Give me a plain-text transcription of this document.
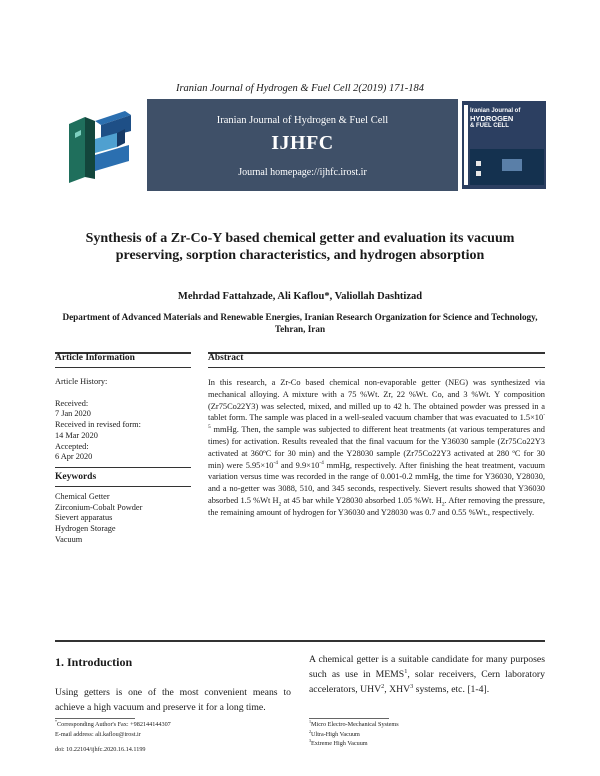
Iranian Journal of Hydrogen & Fuel Cell 2(2019) 171-184
Iranian Journal of Hydrogen & Fuel Cell
IJHFC
Journal homepage://ijhfc.irost.ir
Iranian Journal of
HYDROGEN
& FUEL CELL
Synthesis of a Zr-Co-Y based chemical getter and evaluation its vacuum preserving, sorption characteristics, and hydrogen absorption
Mehrdad Fattahzade, Ali Kaflou*, Valiollah Dashtizad
Department of Advanced Materials and Renewable Energies, Iranian Research Organization for Science and Technology, Tehran, Iran
Article Information
Article History:
Received:
7 Jan 2020
Received in revised form:
14 Mar 2020
Accepted:
6 Apr 2020
Keywords
Chemical Getter
Zirconium-Cobalt Powder
Sievert apparatus
Hydrogen Storage
Vacuum
Abstract
In this research, a Zr-Co based chemical non-evaporable getter (NEG) was synthesized via mechanical alloying. A mixture with a 75 %Wt. Zr, 22 %Wt. Co, and 3 %Wt. Y composition (Zr75Co22Y3) was selected, mixed, and milled up to 42 h. The obtained powder was pressed in a tablet form. The sample was placed in a well-sealed vacuum chamber that was evacuated to $1.5\times 10^{-5}$ mmHg. Then, the sample was subjected to different heat treatments (at various temperatures and times) for activation. Results revealed that the final vacuum for the Y36030 sample (Zr75Co22Y3 activated at 360ºC for 30 min) and the Y28030 sample (Zr75Co22Y3 activated at 280 ºC for 30 min) were $5.95\times 10^{-4}$ and $9.9\times 10^{-4}$ mmHg, respectively. After finishing the heat treatment, vacuum variation versus time was recorded in the range of 0.001-0.2 mmHg, the time for Y36030, Y28030, and a no-getter was 3088, 510, and 345 seconds, respectively. Sievert results showed that Y36030 absorbed 1.5 %Wt $H_2$ at 45 bar while Y28030 absorbed 1.05 %Wt. $H_2$. After removing the pressure, the remaining amount of hydrogen for Y36030 and Y28030 was 0.7 and 0.55 %Wt., respectively.
1. Introduction
Using getters is one of the most convenient means to achieve a high vacuum and preserve it for a long time.
A chemical getter is a suitable candidate for many purposes such as use in MEMS$^1$, solar receivers, Cern laboratory accelerators, UHV$^2$, XHV$^3$ systems, etc. [1-4].
*Corresponding Author's Fax: +982144144307
E-mail address: ali.kaflou@irost.ir
doi: 10.22104/ijhfc.2020.16.14.1199
$^1$Micro Electro-Mechanical Systems
$^2$Ultra-High Vacuum
$^3$Extreme High Vacuum
